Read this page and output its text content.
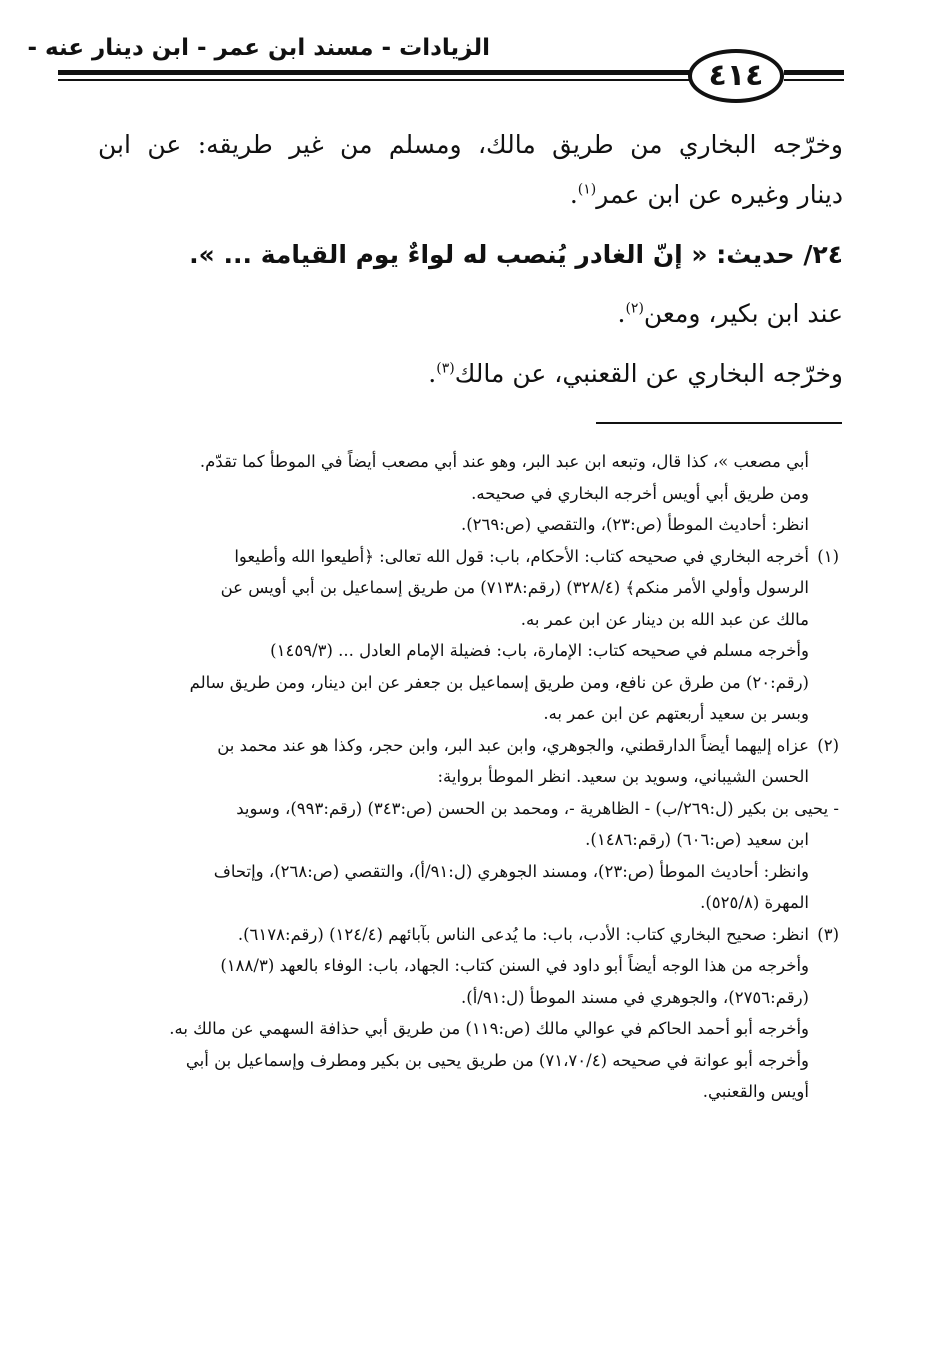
الزيادات - مسند ابن عمر - ابن دينار عنه -
٤١٤
وخرّجه البخاري من طريق مالك، ومسلم من غير طريقه: عن ابن
دينار وغيره عن ابن عمر$^{(١)}$.
٢٤/ حديث: « إنّ الغادر يُنصب له لواءٌ يوم القيامة ... ».
عند ابن بكير، ومعن$^{(٢)}$.
وخرّجه البخاري عن القعنبي، عن مالك$^{(٣)}$.
أبي مصعب »، كذا قال، وتبعه ابن عبد البر، وهو عند أبي مصعب أيضاً في الموطأ كما تقدّم.
ومن طريق أبي أويس أخرجه البخاري في صحيحه.
انظر: أحاديث الموطأ (ص:٢٣)، والتقصي (ص:٢٦٩).
(١)أخرجه البخاري في صحيحه كتاب: الأحكام، باب: قول الله تعالى: ﴿أطيعوا الله وأطيعوا
الرسول وأولي الأمر منكم﴾ (٣٢٨/٤) (رقم:٧١٣٨) من طريق إسماعيل بن أبي أويس عن
مالك عن عبد الله بن دينار عن ابن عمر به.
وأخرجه مسلم في صحيحه كتاب: الإمارة، باب: فضيلة الإمام العادل ... (١٤٥٩/٣)
(رقم:٢٠) من طرق عن نافع، ومن طريق إسماعيل بن جعفر عن ابن دينار، ومن طريق سالم
وبسر بن سعيد أربعتهم عن ابن عمر به.
(٢)عزاه إليهما أيضاً الدارقطني، والجوهري، وابن عبد البر، وابن حجر، وكذا هو عند محمد بن
الحسن الشيباني، وسويد بن سعيد. انظر الموطأ برواية:
- يحيى بن بكير (ل:٢٦٩/ب) - الظاهرية -، ومحمد بن الحسن (ص:٣٤٣) (رقم:٩٩٣)، وسويد
ابن سعيد (ص:٦٠٦) (رقم:١٤٨٦).
وانظر: أحاديث الموطأ (ص:٢٣)، ومسند الجوهري (ل:٩١/أ)، والتقصي (ص:٢٦٨)، وإتحاف
المهرة (٥٢٥/٨).
(٣)انظر: صحيح البخاري كتاب: الأدب، باب: ما يُدعى الناس بآبائهم (١٢٤/٤) (رقم:٦١٧٨).
وأخرجه من هذا الوجه أيضاً أبو داود في السنن كتاب: الجهاد، باب: الوفاء بالعهد (١٨٨/٣)
(رقم:٢٧٥٦)، والجوهري في مسند الموطأ (ل:٩١/أ).
وأخرجه أبو أحمد الحاكم في عوالي مالك (ص:١١٩) من طريق أبي حذافة السهمي عن مالك به.
وأخرجه أبو عوانة في صحيحه (٧١،٧٠/٤) من طريق يحيى بن بكير ومطرف وإسماعيل بن أبي
أويس والقعنبي.
